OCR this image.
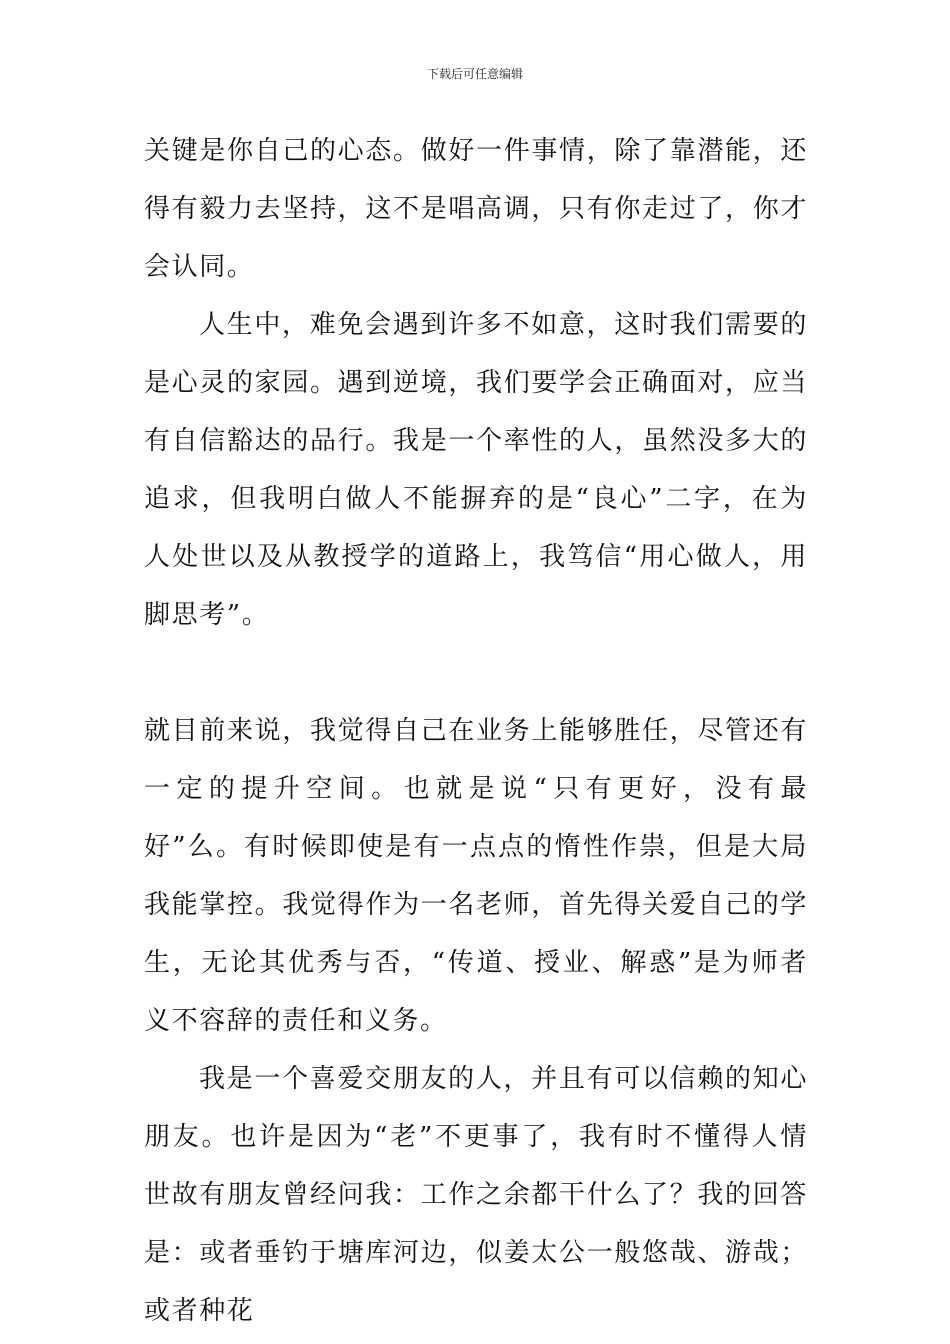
下载后可任意编辑

关键是你自己的心态。做好一件事情，除了靠潜能，还得有毅力去坚持，这不是唱高调，只有你走过了，你才会认同。

人生中，难免会遇到许多不如意，这时我们需要的是心灵的家园。遇到逆境，我们要学会正确面对，应当有自信豁达的品行。我是一个率性的人，虽然没多大的追求，但我明白做人不能摒弃的是“良心”二字，在为人处世以及从教授学的道路上，我笃信“用心做人，用脚思考”。

就目前来说，我觉得自己在业务上能够胜任，尽管还有一定的提升空间。也就是说“只有更好，没有最好”么。有时候即使是有一点点的惰性作祟，但是大局我能掌控。我觉得作为一名老师，首先得关爱自己的学生，无论其优秀与否，“传道、授业、解惑”是为师者义不容辞的责任和义务。

我是一个喜爱交朋友的人，并且有可以信赖的知心朋友。也许是因为“老”不更事了，我有时不懂得人情世故有朋友曾经问我：工作之余都干什么了？我的回答是：或者垂钓于塘库河边，似姜太公一般悠哉、游哉；或者种花
